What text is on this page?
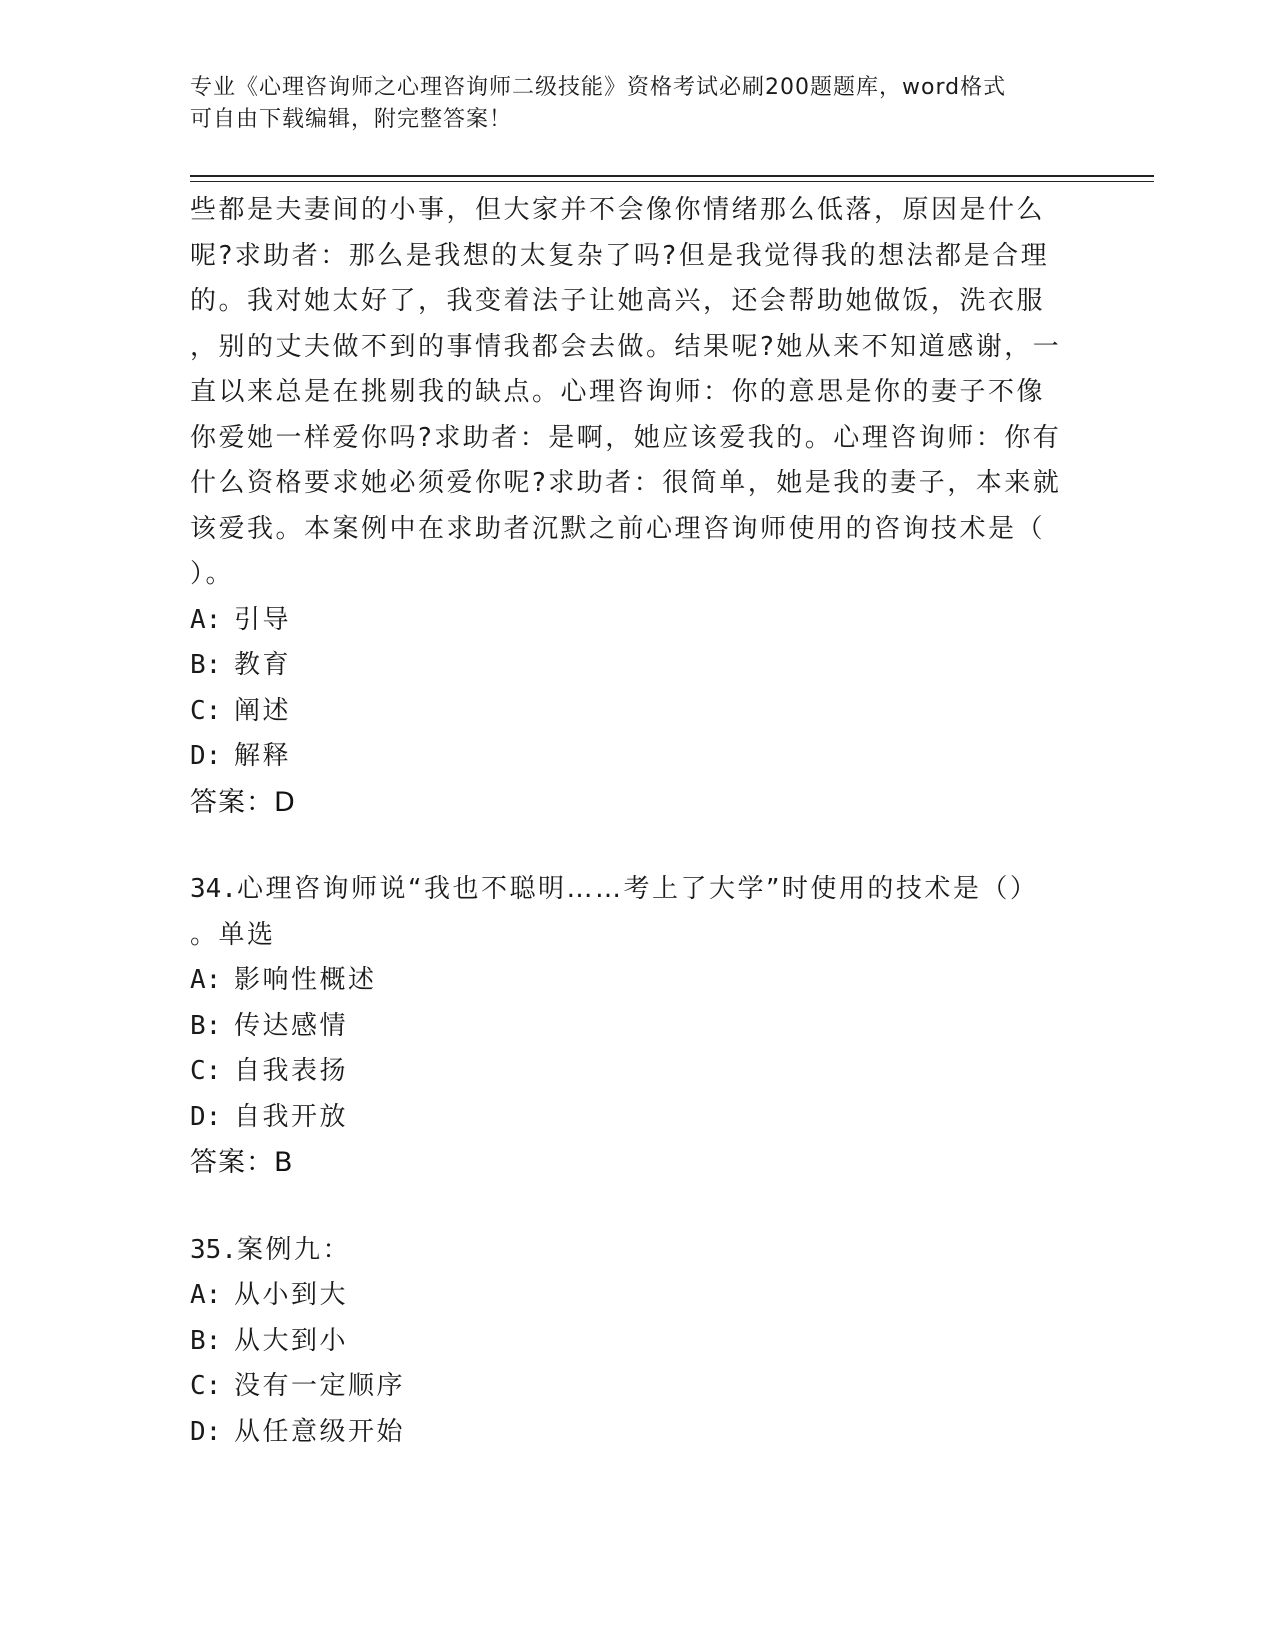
专业《心理咨询师之心理咨询师二级技能》资格考试必刷200题题库，word格式
可自由下载编辑，附完整答案！
些都是夫妻间的小事，但大家并不会像你情绪那么低落，原因是什么
呢?求助者：那么是我想的太复杂了吗?但是我觉得我的想法都是合理
的。我对她太好了，我变着法子让她高兴，还会帮助她做饭，洗衣服
，别的丈夫做不到的事情我都会去做。结果呢?她从来不知道感谢，一
直以来总是在挑剔我的缺点。心理咨询师：你的意思是你的妻子不像
你爱她一样爱你吗?求助者：是啊，她应该爱我的。心理咨询师：你有
什么资格要求她必须爱你呢?求助者：很简单，她是我的妻子，本来就
该爱我。本案例中在求助者沉默之前心理咨询师使用的咨询技术是（
）。
A: 引导
B: 教育
C: 阐述
D: 解释
答案：D
34.心理咨询师说“我也不聪明……考上了大学”时使用的技术是（）
。单选
A: 影响性概述
B: 传达感情
C: 自我表扬
D: 自我开放
答案：B
35.案例九：
A: 从小到大
B: 从大到小
C: 没有一定顺序
D: 从任意级开始
